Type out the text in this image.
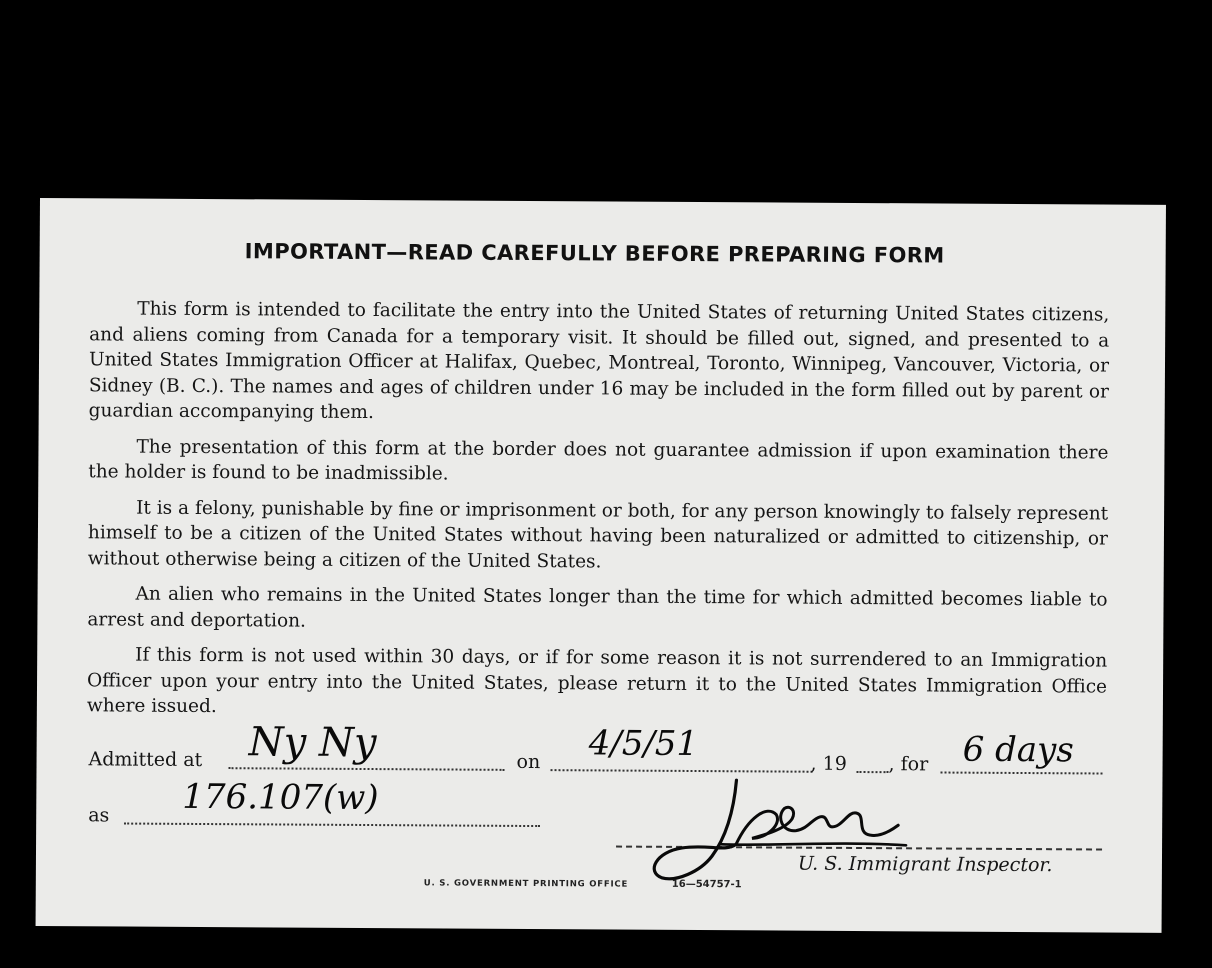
IMPORTANT—READ CAREFULLY BEFORE PREPARING FORM

This form is intended to facilitate the entry into the United States of returning United States citizens, and aliens coming from Canada for a temporary visit. It should be filled out, signed, and presented to a United States Immigration Officer at Halifax, Quebec, Montreal, Toronto, Winnipeg, Vancouver, Victoria, or Sidney (B. C.). The names and ages of children under 16 may be included in the form filled out by parent or guardian accompanying them.

The presentation of this form at the border does not guarantee admission if upon examination there the holder is found to be inadmissible.

It is a felony, punishable by fine or imprisonment or both, for any person knowingly to falsely represent himself to be a citizen of the United States without having been naturalized or admitted to citizenship, or without otherwise being a citizen of the United States.

An alien who remains in the United States longer than the time for which admitted becomes liable to arrest and deportation.

If this form is not used within 30 days, or if for some reason it is not surrendered to an Immigration Officer upon your entry into the United States, please return it to the United States Immigration Office where issued.

Admitted at Ny Ny	on 4/5/51	, 19 , for 6 days
as 176.107(w)
U. S. Immigrant Inspector.
U. S. GOVERNMENT PRINTING OFFICE	16—54757-1
